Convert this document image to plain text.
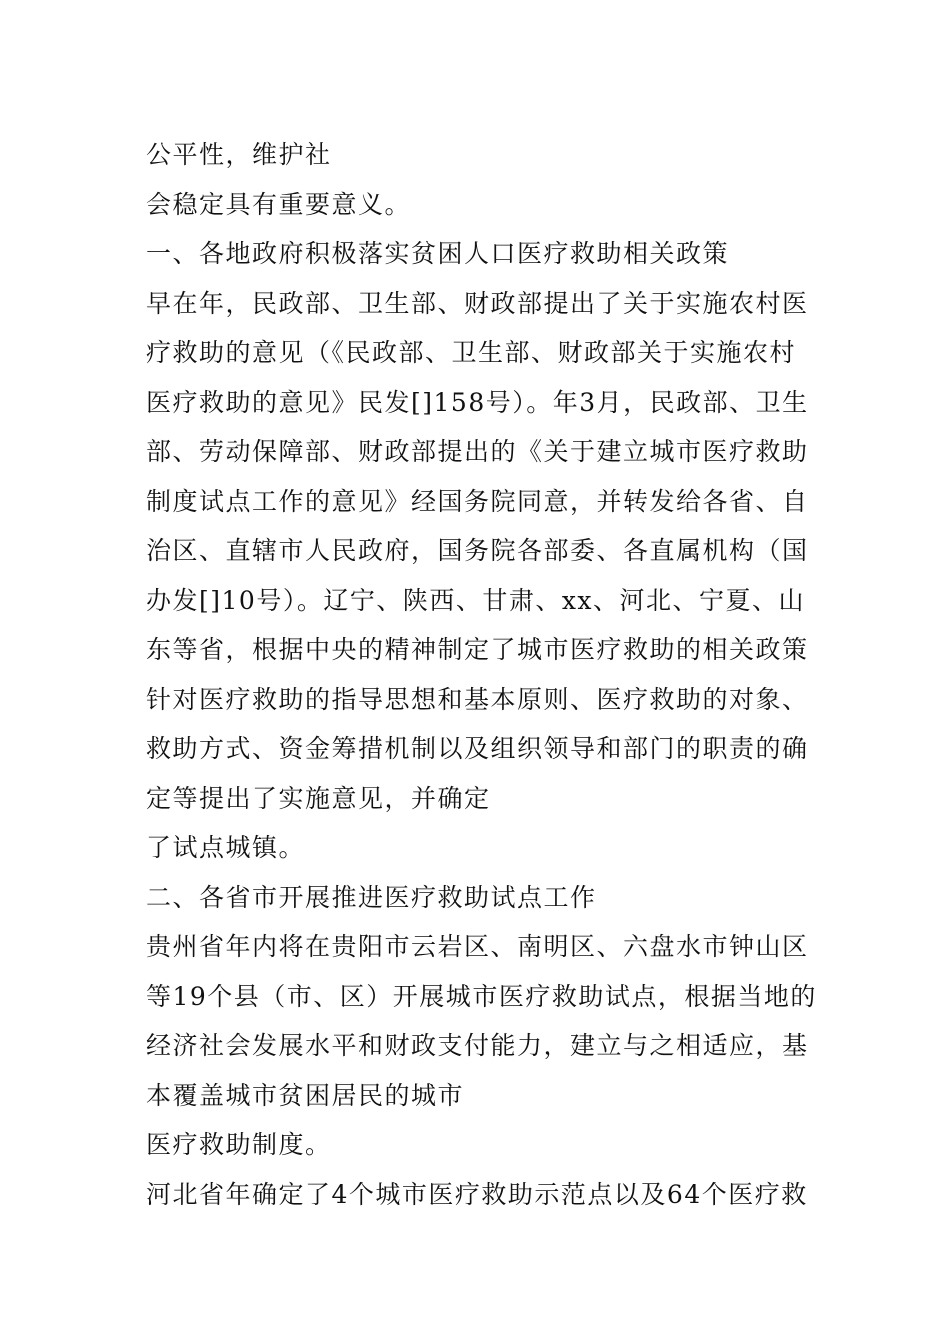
公平性，维护社
会稳定具有重要意义。
一、各地政府积极落实贫困人口医疗救助相关政策
早在年，民政部、卫生部、财政部提出了关于实施农村医
疗救助的意见（《民政部、卫生部、财政部关于实施农村
医疗救助的意见》民发[]158号）。年3月，民政部、卫生
部、劳动保障部、财政部提出的《关于建立城市医疗救助
制度试点工作的意见》经国务院同意，并转发给各省、自
治区、直辖市人民政府，国务院各部委、各直属机构（国
办发[]10号）。辽宁、陕西、甘肃、xx、河北、宁夏、山
东等省，根据中央的精神制定了城市医疗救助的相关政策
针对医疗救助的指导思想和基本原则、医疗救助的对象、
救助方式、资金筹措机制以及组织领导和部门的职责的确
定等提出了实施意见，并确定
了试点城镇。
二、各省市开展推进医疗救助试点工作
贵州省年内将在贵阳市云岩区、南明区、六盘水市钟山区
等19个县（市、区）开展城市医疗救助试点，根据当地的
经济社会发展水平和财政支付能力，建立与之相适应，基
本覆盖城市贫困居民的城市
医疗救助制度。
河北省年确定了4个城市医疗救助示范点以及64个医疗救
